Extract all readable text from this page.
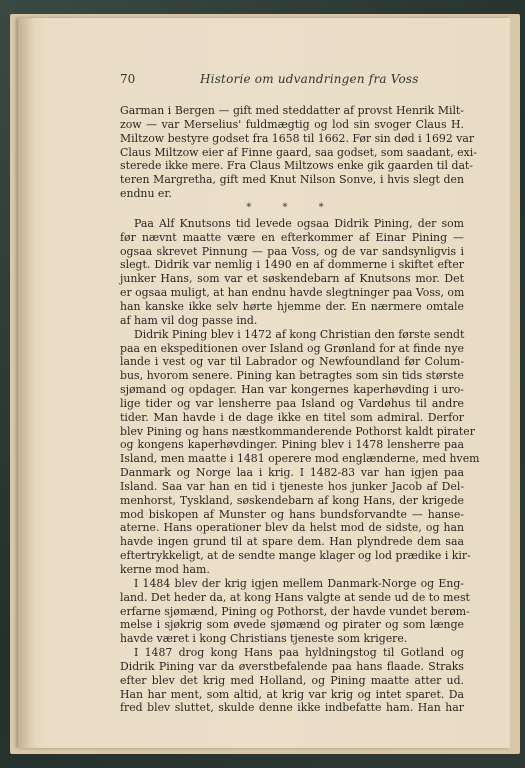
70	Historie om udvandringen fra Voss
Garman i Bergen — gift med steddatter af provst Henrik Milt-
zow — var Merselius' fuldmægtig og lod sin svoger Claus H.
Miltzow bestyre godset fra 1658 til 1662. Før sin død i 1692 var
Claus Miltzow eier af Finne gaard, saa godset, som saadant, exi-
sterede ikke mere. Fra Claus Miltzows enke gik gaarden til dat-
teren Margretha, gift med Knut Nilson Sonve, i hvis slegt den
endnu er.
* * *
Paa Alf Knutsons tid levede ogsaa Didrik Pining, der som
før nævnt maatte være en efterkommer af Einar Pining —
ogsaa skrevet Pinnung — paa Voss, og de var sandsynligvis i
slegt. Didrik var nemlig i 1490 en af dommerne i skiftet efter
junker Hans, som var et søskendebarn af Knutsons mor. Det
er ogsaa muligt, at han endnu havde slegtninger paa Voss, om
han kanske ikke selv hørte hjemme der. En nærmere omtale
af ham vil dog passe ind.
Didrik Pining blev i 1472 af kong Christian den første sendt
paa en ekspeditionen over Island og Grønland for at finde nye
lande i vest og var til Labrador og Newfoundland før Colum-
bus, hvorom senere. Pining kan betragtes som sin tids største
sjømand og opdager. Han var kongernes kaperhøvding i uro-
lige tider og var lensherre paa Island og Vardøhus til andre
tider. Man havde i de dage ikke en titel som admiral. Derfor
blev Pining og hans næstkommanderende Pothorst kaldt pirater
og kongens kaperhøvdinger. Pining blev i 1478 lensherre paa
Island, men maatte i 1481 operere mod englænderne, med hvem
Danmark og Norge laa i krig. I 1482-83 var han igjen paa
Island. Saa var han en tid i tjeneste hos junker Jacob af Del-
menhorst, Tyskland, søskendebarn af kong Hans, der krigede
mod biskopen af Munster og hans bundsforvandte — hanse-
aterne. Hans operationer blev da helst mod de sidste, og han
havde ingen grund til at spare dem. Han plyndrede dem saa
eftertrykkeligt, at de sendte mange klager og lod prædike i kir-
kerne mod ham.
I 1484 blev der krig igjen mellem Danmark-Norge og Eng-
land. Det heder da, at kong Hans valgte at sende ud de to mest
erfarne sjømænd, Pining og Pothorst, der havde vundet berøm-
melse i sjøkrig som øvede sjømænd og pirater og som længe
havde været i kong Christians tjeneste som krigere.
I 1487 drog kong Hans paa hyldningstog til Gotland og
Didrik Pining var da øverstbefalende paa hans flaade. Straks
efter blev det krig med Holland, og Pining maatte atter ud.
Han har ment, som altid, at krig var krig og intet sparet. Da
fred blev sluttet, skulde denne ikke indbefatte ham. Han har
